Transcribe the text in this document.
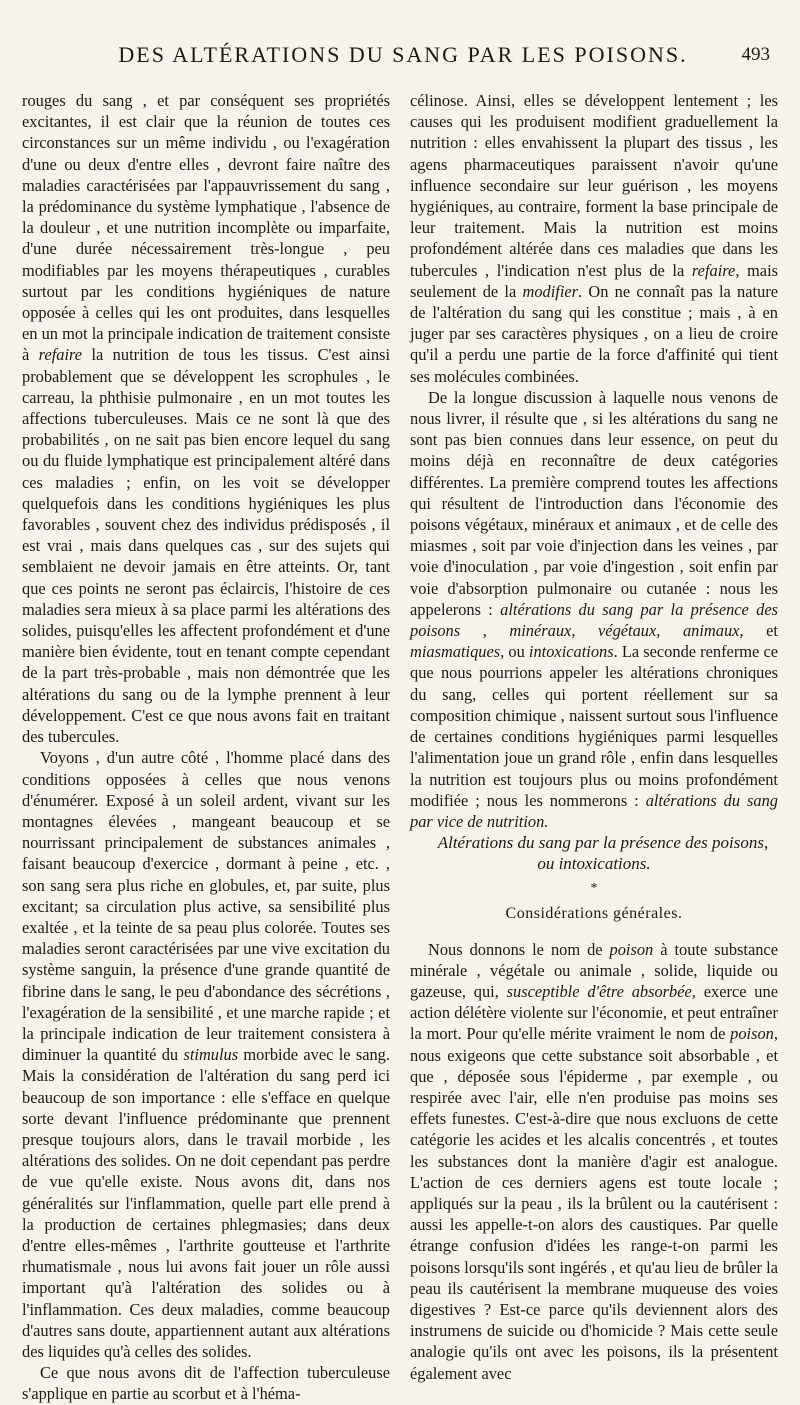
DES ALTÉRATIONS DU SANG PAR LES POISONS.	493

rouges du sang , et par conséquent ses propriétés excitantes, il est clair que la réunion de toutes ces circonstances sur un même individu , ou l'exagération d'une ou deux d'entre elles , devront faire naître des maladies caractérisées par l'appauvrissement du sang , la prédominance du système lymphatique , l'absence de la douleur , et une nutrition incomplète ou imparfaite, d'une durée nécessairement très-longue , peu modifiables par les moyens thérapeutiques , curables surtout par les conditions hygiéniques de nature opposée à celles qui les ont produites, dans lesquelles en un mot la principale indication de traitement consiste à refaire la nutrition de tous les tissus. C'est ainsi probablement que se développent les scrophules , le carreau, la phthisie pulmonaire , en un mot toutes les affections tuberculeuses. Mais ce ne sont là que des probabilités , on ne sait pas bien encore lequel du sang ou du fluide lymphatique est principalement altéré dans ces maladies ; enfin, on les voit se développer quelquefois dans les conditions hygiéniques les plus favorables , souvent chez des individus prédisposés , il est vrai , mais dans quelques cas , sur des sujets qui semblaient ne devoir jamais en être atteints. Or, tant que ces points ne seront pas éclaircis, l'histoire de ces maladies sera mieux à sa place parmi les altérations des solides, puisqu'elles les affectent profondément et d'une manière bien évidente, tout en tenant compte cependant de la part très-probable , mais non démontrée que les altérations du sang ou de la lymphe prennent à leur développement. C'est ce que nous avons fait en traitant des tubercules.

Voyons , d'un autre côté , l'homme placé dans des conditions opposées à celles que nous venons d'énumérer. Exposé à un soleil ardent, vivant sur les montagnes élevées , mangeant beaucoup et se nourrissant principalement de substances animales , faisant beaucoup d'exercice , dormant à peine , etc. , son sang sera plus riche en globules, et, par suite, plus excitant; sa circulation plus active, sa sensibilité plus exaltée , et la teinte de sa peau plus colorée. Toutes ses maladies seront caractérisées par une vive excitation du système sanguin, la présence d'une grande quantité de fibrine dans le sang, le peu d'abondance des sécrétions , l'exagération de la sensibilité , et une marche rapide ; et la principale indication de leur traitement consistera à diminuer la quantité du stimulus morbide avec le sang. Mais la considération de l'altération du sang perd ici beaucoup de son importance : elle s'efface en quelque sorte devant l'influence prédominante que prennent presque toujours alors, dans le travail morbide , les altérations des solides. On ne doit cependant pas perdre de vue qu'elle existe. Nous avons dit, dans nos généralités sur l'inflammation, quelle part elle prend à la production de certaines phlegmasies; dans deux d'entre elles-mêmes , l'arthrite goutteuse et l'arthrite rhumatismale , nous lui avons fait jouer un rôle aussi important qu'à l'altération des solides ou à l'inflammation. Ces deux maladies, comme beaucoup d'autres sans doute, appartiennent autant aux altérations des liquides qu'à celles des solides.

Ce que nous avons dit de l'affection tuberculeuse s'applique en partie au scorbut et à l'héma-

célinose. Ainsi, elles se développent lentement ; les causes qui les produisent modifient graduellement la nutrition : elles envahissent la plupart des tissus , les agens pharmaceutiques paraissent n'avoir qu'une influence secondaire sur leur guérison , les moyens hygiéniques, au contraire, forment la base principale de leur traitement. Mais la nutrition est moins profondément altérée dans ces maladies que dans les tubercules , l'indication n'est plus de la refaire, mais seulement de la modifier. On ne connaît pas la nature de l'altération du sang qui les constitue ; mais , à en juger par ses caractères physiques , on a lieu de croire qu'il a perdu une partie de la force d'affinité qui tient ses molécules combinées.

De la longue discussion à laquelle nous venons de nous livrer, il résulte que , si les altérations du sang ne sont pas bien connues dans leur essence, on peut du moins déjà en reconnaître de deux catégories différentes. La première comprend toutes les affections qui résultent de l'introduction dans l'économie des poisons végétaux, minéraux et animaux , et de celle des miasmes , soit par voie d'injection dans les veines , par voie d'inoculation , par voie d'ingestion , soit enfin par voie d'absorption pulmonaire ou cutanée : nous les appelerons : altérations du sang par la présence des poisons , minéraux, végétaux, animaux, et miasmatiques, ou intoxications. La seconde renferme ce que nous pourrions appeler les altérations chroniques du sang, celles qui portent réellement sur sa composition chimique , naissent surtout sous l'influence de certaines conditions hygiéniques parmi lesquelles l'alimentation joue un grand rôle , enfin dans lesquelles la nutrition est toujours plus ou moins profondément modifiée ; nous les nommerons : altérations du sang par vice de nutrition.

Altérations du sang par la présence des poisons,
ou intoxications.

*
Considérations générales.

Nous donnons le nom de poison à toute substance minérale , végétale ou animale , solide, liquide ou gazeuse, qui, susceptible d'être absorbée, exerce une action délétère violente sur l'économie, et peut entraîner la mort. Pour qu'elle mérite vraiment le nom de poison, nous exigeons que cette substance soit absorbable , et que , déposée sous l'épiderme , par exemple , ou respirée avec l'air, elle n'en produise pas moins ses effets funestes. C'est-à-dire que nous excluons de cette catégorie les acides et les alcalis concentrés , et toutes les substances dont la manière d'agir est analogue. L'action de ces derniers agens est toute locale ; appliqués sur la peau , ils la brûlent ou la cautérisent : aussi les appelle-t-on alors des caustiques. Par quelle étrange confusion d'idées les range-t-on parmi les poisons lorsqu'ils sont ingérés , et qu'au lieu de brûler la peau ils cautérisent la membrane muqueuse des voies digestives ? Est-ce parce qu'ils deviennent alors des instrumens de suicide ou d'homicide ? Mais cette seule analogie qu'ils ont avec les poisons, ils la présentent également avec
